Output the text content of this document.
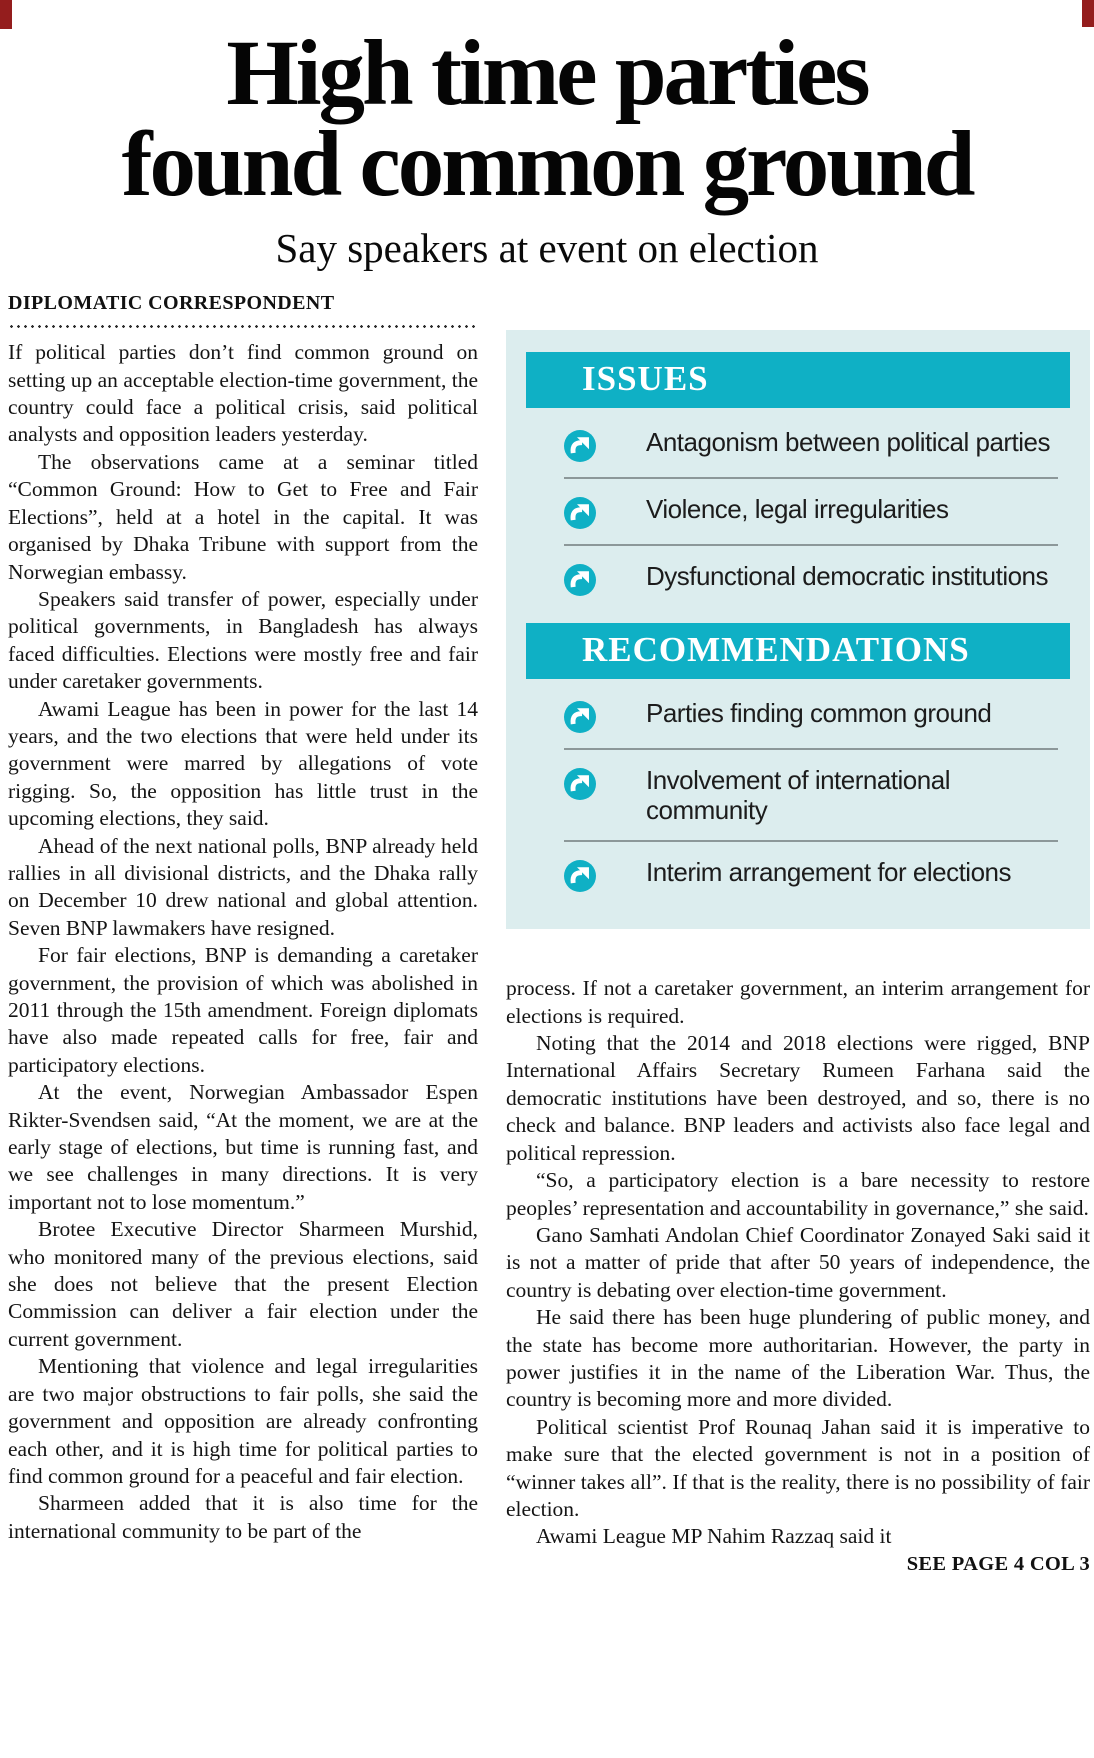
High time parties
found common ground
Say speakers at event on election
DIPLOMATIC CORRESPONDENT

If political parties don’t find common ground on setting up an acceptable election-time government, the country could face a political crisis, said political analysts and opposition leaders yesterday.

The observations came at a seminar titled “Common Ground: How to Get to Free and Fair Elections”, held at a hotel in the capital. It was organised by Dhaka Tribune with support from the Norwegian embassy.

Speakers said transfer of power, especially under political governments, in Bangladesh has always faced difficulties. Elections were mostly free and fair under caretaker governments.

Awami League has been in power for the last 14 years, and the two elections that were held under its government were marred by allegations of vote rigging. So, the opposition has little trust in the upcoming elections, they said.

Ahead of the next national polls, BNP already held rallies in all divisional districts, and the Dhaka rally on December 10 drew national and global attention. Seven BNP lawmakers have resigned.

For fair elections, BNP is demanding a caretaker government, the provision of which was abolished in 2011 through the 15th amendment. Foreign diplomats have also made repeated calls for free, fair and participatory elections.

At the event, Norwegian Ambassador Espen Rikter-Svendsen said, “At the moment, we are at the early stage of elections, but time is running fast, and we see challenges in many directions. It is very important not to lose momentum.”

Brotee Executive Director Sharmeen Murshid, who monitored many of the previous elections, said she does not believe that the present Election Commission can deliver a fair election under the current government.

Mentioning that violence and legal irregularities are two major obstructions to fair polls, she said the government and opposition are already confronting each other, and it is high time for political parties to find common ground for a peaceful and fair election.

Sharmeen added that it is also time for the international community to be part of the

ISSUES
Antagonism between political parties
Violence, legal irregularities
Dysfunctional democratic institutions
RECOMMENDATIONS
Parties finding common ground
Involvement of international community
Interim arrangement for elections

process. If not a caretaker government, an interim arrangement for elections is required.

Noting that the 2014 and 2018 elections were rigged, BNP International Affairs Secretary Rumeen Farhana said the democratic institutions have been destroyed, and so, there is no check and balance. BNP leaders and activists also face legal and political repression.

“So, a participatory election is a bare necessity to restore peoples’ representation and accountability in governance,” she said.

Gano Samhati Andolan Chief Coordinator Zonayed Saki said it is not a matter of pride that after 50 years of independence, the country is debating over election-time government.

He said there has been huge plundering of public money, and the state has become more authoritarian. However, the party in power justifies it in the name of the Liberation War. Thus, the country is becoming more and more divided.

Political scientist Prof Rounaq Jahan said it is imperative to make sure that the elected government is not in a position of “winner takes all”. If that is the reality, there is no possibility of fair election.

Awami League MP Nahim Razzaq said it

SEE PAGE 4 COL 3
